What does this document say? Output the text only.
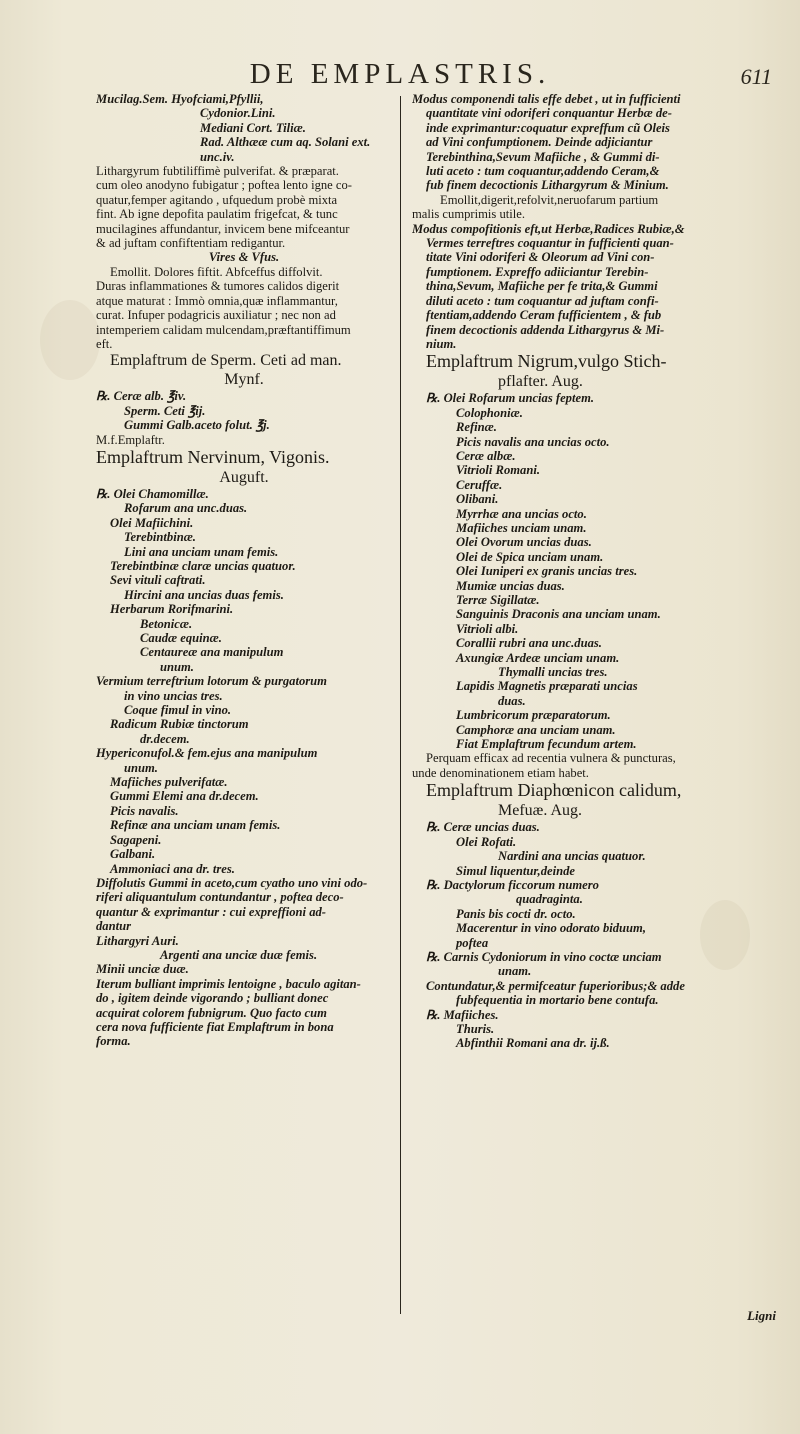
DE EMPLASTRIS.	611
Mucilag.Sem. Hyofciami,Pfyllii,
Cydonior.Lini.
Mediani Cort. Tiliæ.
Rad. Althææ cum aq. Solani ext.
unc.iv.
Lithargyrum fubtiliffimè pulverifat. & præparat.
cum oleo anodyno fubigatur ; poftea lento igne co-
quatur,femper agitando , ufquedum probè mixta
fint. Ab igne depofita paulatim frigefcat, & tunc
mucilagines affundantur, invicem bene mifceantur
& ad juftam confiftentiam redigantur.
Vires & Vfus.
Emollit. Dolores fiftit. Abfceffus diffolvit.
Duras inflammationes & tumores calidos digerit
atque maturat : Immò omnia,quæ inflammantur,
curat. Infuper podagricis auxiliatur ; nec non ad
intemperiem calidam mulcendam,præftantiffimum
eft.
Emplaftrum de Sperm. Ceti ad man.
Mynf.
℞. Ceræ alb. ℥iv.
Sperm. Ceti ℥ij.
Gummi Galb.aceto folut. ℥j.
M.f.Emplaftr.
Emplaftrum Nervinum, Vigonis.
Auguft.
℞. Olei Chamomillæ.
Rofarum ana unc.duas.
Olei Mafiichini.
Terebintbinæ.
Lini ana unciam unam femis.
Terebintbinæ claræ uncias quatuor.
Sevi vituli caftrati.
Hircini ana uncias duas femis.
Herbarum Rorifmarini.
Betonicæ.
Caudæ equinæ.
Centaureæ ana manipulum
unum.
Vermium terreftrium lotorum & purgatorum
in vino uncias tres.
Coque fimul in vino.
Radicum Rubiæ tinctorum
dr.decem.
Hypericonufol.& fem.ejus ana manipulum
unum.
Mafiiches pulverifatæ.
Gummi Elemi ana dr.decem.
Picis navalis.
Refinæ ana unciam unam femis.
Sagapeni.
Galbani.
Ammoniaci ana dr. tres.
Diffolutis Gummi in aceto,cum cyatho uno vini odo-
riferi aliquantulum contundantur , poftea deco-
quantur & exprimantur : cui expreffioni ad-
dantur
Lithargyri Auri.
Argenti ana unciæ duæ femis.
Minii unciæ duæ.
Iterum bulliant imprimis lentoigne , baculo agitan-
do , igitem deinde vigorando ; bulliant donec
acquirat colorem fubnigrum. Quo facto cum
cera nova fufficiente fiat Emplaftrum in bona
forma.
Modus componendi talis effe debet , ut in fufficienti
quantitate vini odoriferi conquantur Herbæ de-
inde exprimantur:coquatur expreffum cũ Oleis
ad Vini confumptionem. Deinde adjiciantur
Terebinthina,Sevum Mafiiche , & Gummi di-
luti aceto : tum coquantur,addendo Ceram,&
fub finem decoctionis Lithargyrum & Minium.
Emollit,digerit,refolvit,neruofarum partium
malis cumprimis utile.
Modus compofitionis eft,ut Herbæ,Radices Rubiæ,&
Vermes terreftres coquantur in fufficienti quan-
titate Vini odoriferi & Oleorum ad Vini con-
fumptionem. Expreffo adiiciantur Terebin-
thina,Sevum, Mafiiche per fe trita,& Gummi
diluti aceto : tum coquantur ad juftam confi-
ftentiam,addendo Ceram fufficientem , & fub
finem decoctionis addenda Lithargyrus & Mi-
nium.
Emplaftrum Nigrum,vulgo Stich-
pflafter. Aug.
℞. Olei Rofarum uncias feptem.
Colophoniæ.
Refinæ.
Picis navalis ana uncias octo.
Ceræ albæ.
Vitrioli Romani.
Ceruffæ.
Olibani.
Myrrhæ ana uncias octo.
Mafiiches unciam unam.
Olei Ovorum uncias duas.
Olei de Spica unciam unam.
Olei Iuniperi ex granis uncias tres.
Mumiæ uncias duas.
Terræ Sigillatæ.
Sanguinis Draconis ana unciam unam.
Vitrioli albi.
Corallii rubri ana unc.duas.
Axungiæ Ardeæ unciam unam.
Thymalli uncias tres.
Lapidis Magnetis præparati uncias
duas.
Lumbricorum præparatorum.
Camphoræ ana unciam unam.
Fiat Emplaftrum fecundum artem.
Perquam efficax ad recentia vulnera & puncturas,
unde denominationem etiam habet.
Emplaftrum Diaphœnicon calidum,
Mefuæ. Aug.
℞. Ceræ uncias duas.
Olei Rofati.
Nardini ana uncias quatuor.
Simul liquentur,deinde
℞. Dactylorum ficcorum numero
quadraginta.
Panis bis cocti dr. octo.
Macerentur in vino odorato biduum,
poftea
℞. Carnis Cydoniorum in vino coctæ unciam
unam.
Contundatur,& permifceatur fuperioribus;& adde
fubfequentia in mortario bene contufa.
℞. Mafiiches.
Thuris.
Abfinthii Romani ana dr. ij.ß.
Ligni
